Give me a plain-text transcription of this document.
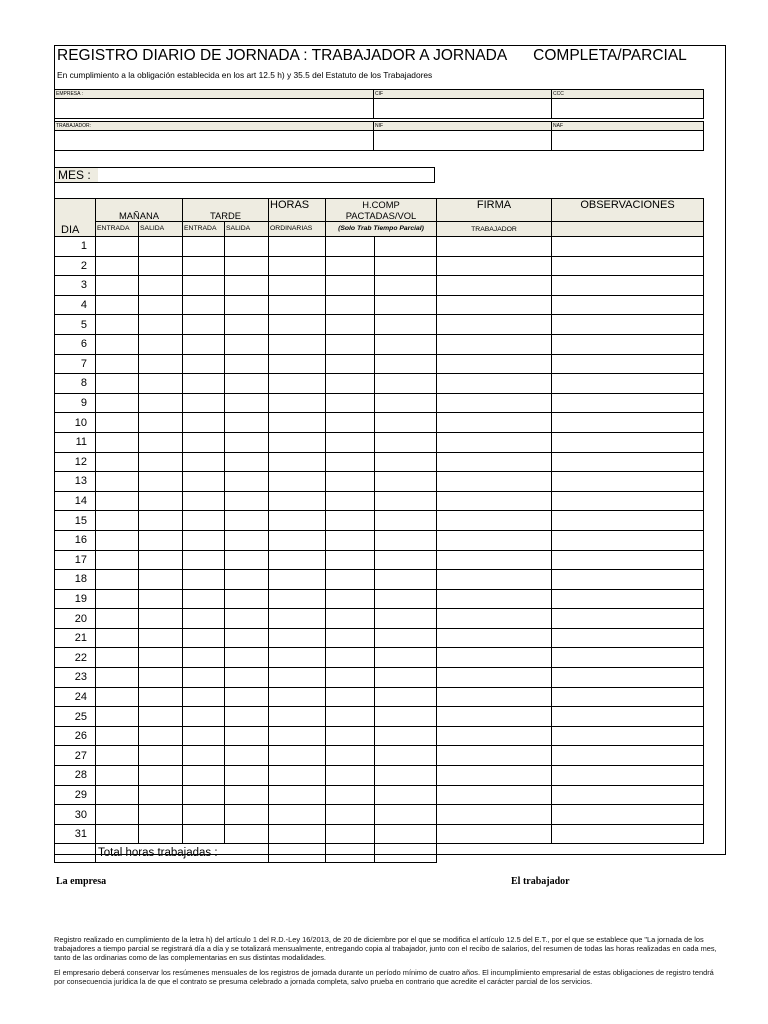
REGISTRO DIARIO DE JORNADA : TRABAJADOR A JORNADA COMPLETA/PARCIAL
En cumplimiento a la obligación establecida en los art 12.5 h) y 35.5 del Estatuto de los Trabajadores
EMPRESA :	CIF	CCC

TRABAJADOR:	NIF	NAF

MES :
DIA	MAÑANA		TARDE		HORAS	H.COMP PACTADAS/VOL		FIRMA	OBSERVACIONES
	ENTRADA	SALIDA	ENTRADA	SALIDA	ORDINARIAS	(Solo Trab Tiempo Parcial)		TRABAJADOR	
1									
2									
3									
4									
5									
6									
7									
8									
9									
10									
11									
12									
13									
14									
15									
16									
17									
18									
19									
20									
21									
22									
23									
24									
25									
26									
27									
28									
29									
30									
31									
	Total horas trabajadas :								
La empresa	El trabajador
Registro realizado en cumplimiento de la letra h) del artículo 1 del R.D.-Ley 16/2013, de 20 de diciembre por el que se modifica el artículo 12.5 del E.T., por el que se establece que "La jornada de los trabajadores a tiempo parcial se registrará día a día y se totalizará mensualmente, entregando copia al trabajador, junto con el recibo de salarios, del resumen de todas las horas realizadas en cada mes, tanto de las ordinarias como de las complementarias en sus distintas modalidades.
El empresario deberá conservar los resúmenes mensuales de los registros de jornada durante un período mínimo de cuatro años. El incumplimiento empresarial de estas obligaciones de registro tendrá por consecuencia jurídica la de que el contrato se presuma celebrado a jornada completa, salvo prueba en contrario que acredite el carácter parcial de los servicios.
